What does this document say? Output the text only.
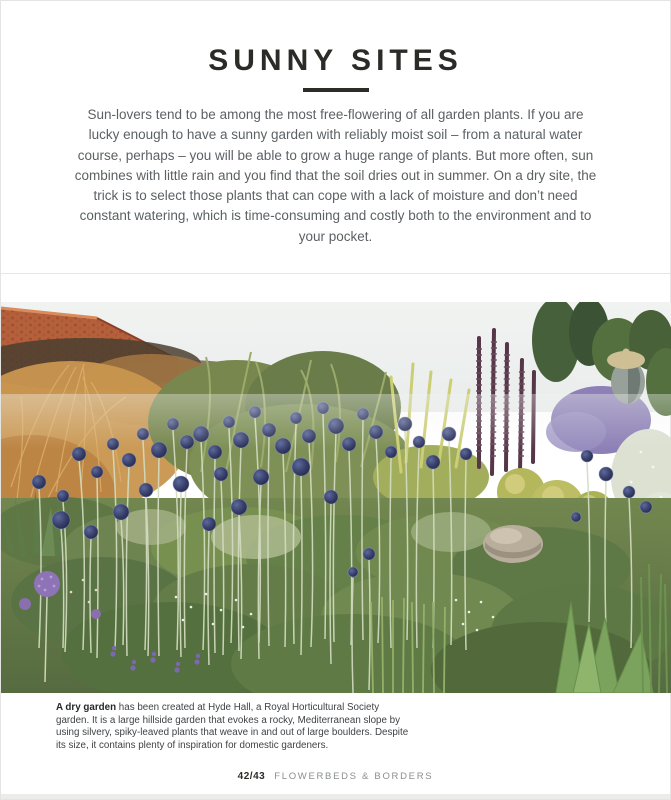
SUNNY SITES

Sun-lovers tend to be among the most free-flowering of all garden plants. If you are lucky enough to have a sunny garden with reliably moist soil – from a natural water course, perhaps – you will be able to grow a huge range of plants. But more often, sun combines with little rain and you find that the soil dries out in summer. On a dry site, the trick is to select those plants that can cope with a lack of moisture and don’t need constant watering, which is time-consuming and costly both to the environment and to your pocket.

A dry garden has been created at Hyde Hall, a Royal Horticultural Society garden. It is a large hillside garden that evokes a rocky, Mediterranean slope by using silvery, spiky-leaved plants that weave in and out of large boulders. Despite its size, it contains plenty of inspiration for domestic gardeners.

42/43 FLOWERBEDS & BORDERS
